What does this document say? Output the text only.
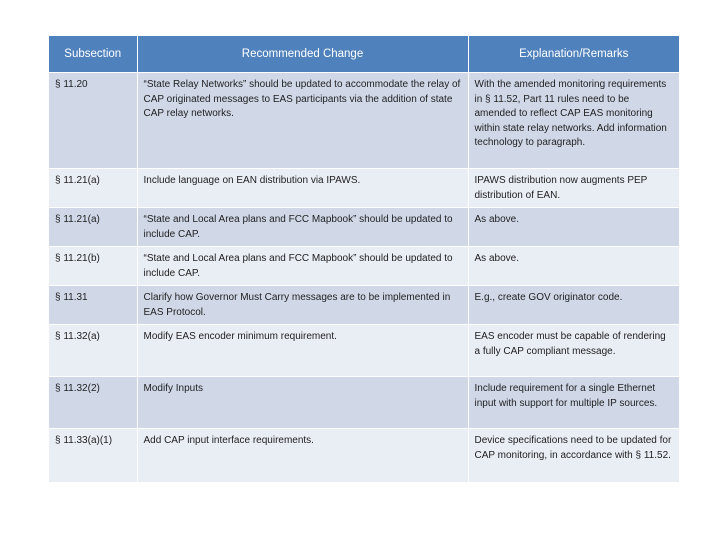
Subsection	Recommended Change	Explanation/Remarks
§ 11.20	“State Relay Networks” should be updated to accommodate the relay of CAP originated messages to EAS participants via the addition of state CAP relay networks.	With the amended monitoring requirements in § 11.52, Part 11 rules need to be amended to reflect CAP EAS monitoring within state relay networks. Add information technology to paragraph.
§ 11.21(a)	Include language on EAN distribution via IPAWS.	IPAWS distribution now augments PEP distribution of EAN.
§ 11.21(a)	“State and Local Area plans and FCC Mapbook” should be updated to include CAP.	As above.
§ 11.21(b)	“State and Local Area plans and FCC Mapbook” should be updated to include CAP.	As above.
§ 11.31	Clarify how Governor Must Carry messages are to be implemented in EAS Protocol.	E.g., create GOV originator code.
§ 11.32(a)	Modify EAS encoder minimum requirement.	EAS encoder must be capable of rendering a fully CAP compliant message.
§ 11.32(2)	Modify Inputs	Include requirement for a single Ethernet input with support for multiple IP sources.
§ 11.33(a)(1)	Add CAP input interface requirements.	Device specifications need to be updated for CAP monitoring, in accordance with § 11.52.
